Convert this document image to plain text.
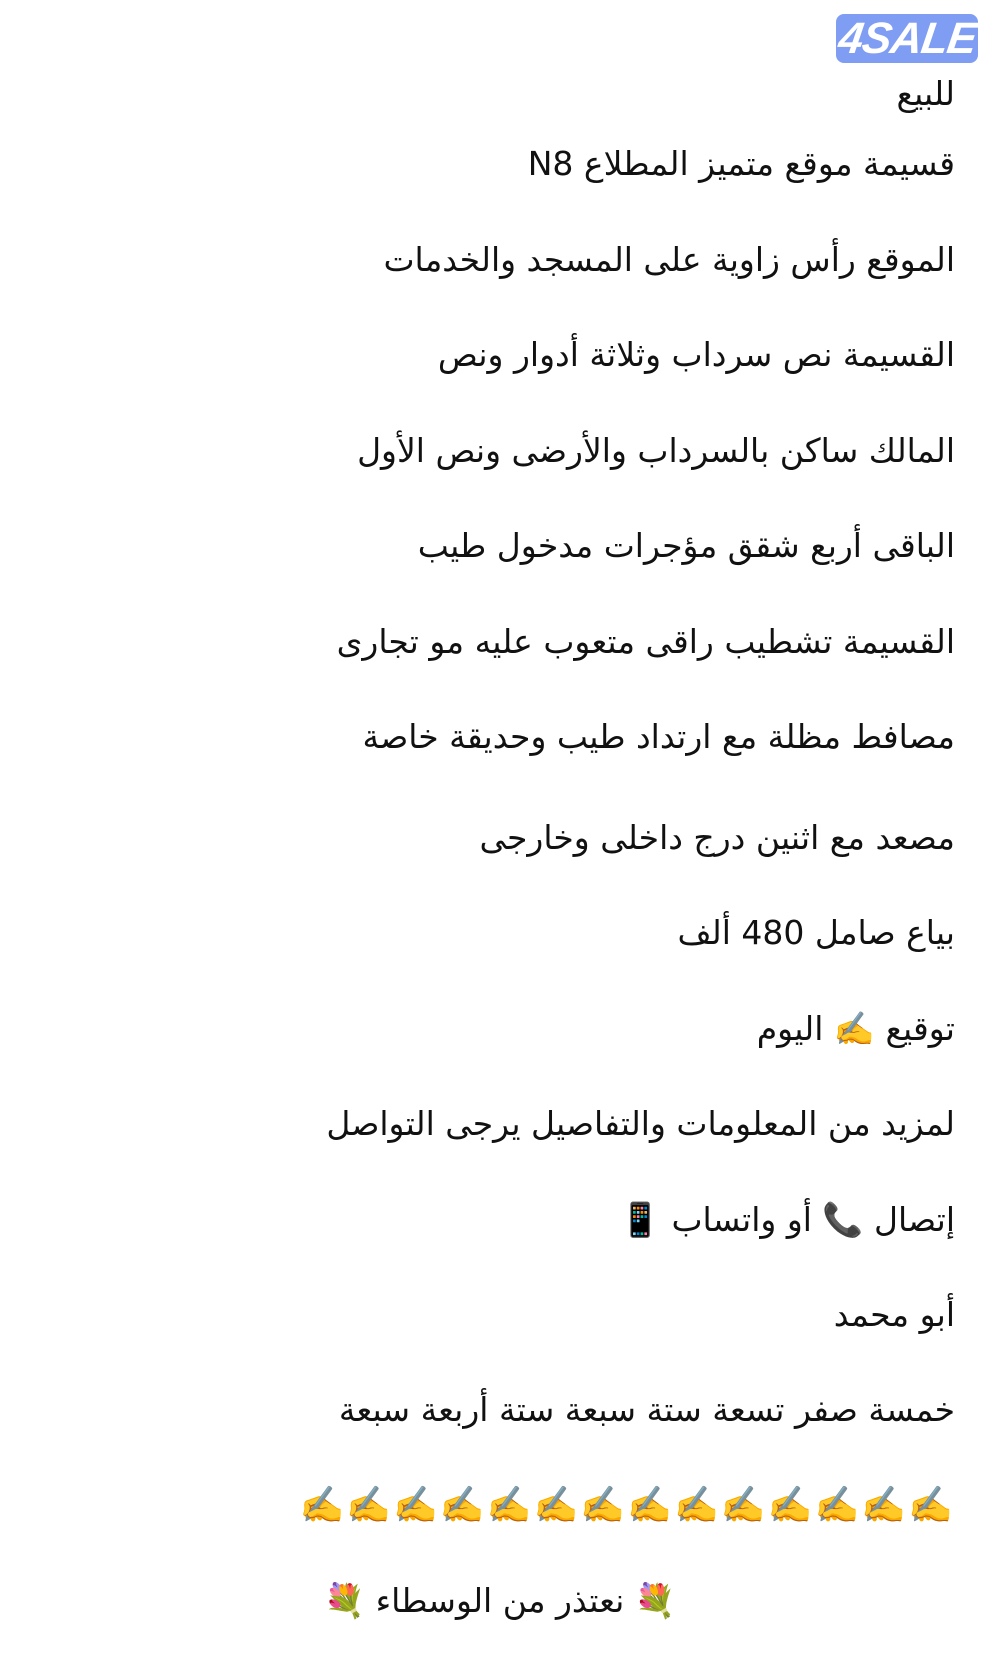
4SALE
للبيع
قسيمة موقع متميز المطلاع N8
الموقع رأس زاوية على المسجد والخدمات
القسيمة نص سرداب وثلاثة أدوار ونص
المالك ساكن بالسرداب والأرضى ونص الأول
الباقى أربع شقق مؤجرات مدخول طيب
القسيمة تشطيب راقى متعوب عليه مو تجارى
مصافط مظلة مع ارتداد طيب وحديقة خاصة
مصعد مع اثنين درج داخلى وخارجى
بياع صامل 480 ألف
توقيع ✍️ اليوم
لمزيد من المعلومات والتفاصيل يرجى التواصل
إتصال 📞 أو واتساب 📱
أبو محمد
خمسة صفر تسعة ستة سبعة ستة أربعة سبعة
✍️✍️✍️✍️✍️✍️✍️✍️✍️✍️✍️✍️✍️✍️
💐 نعتذر من الوسطاء 💐
